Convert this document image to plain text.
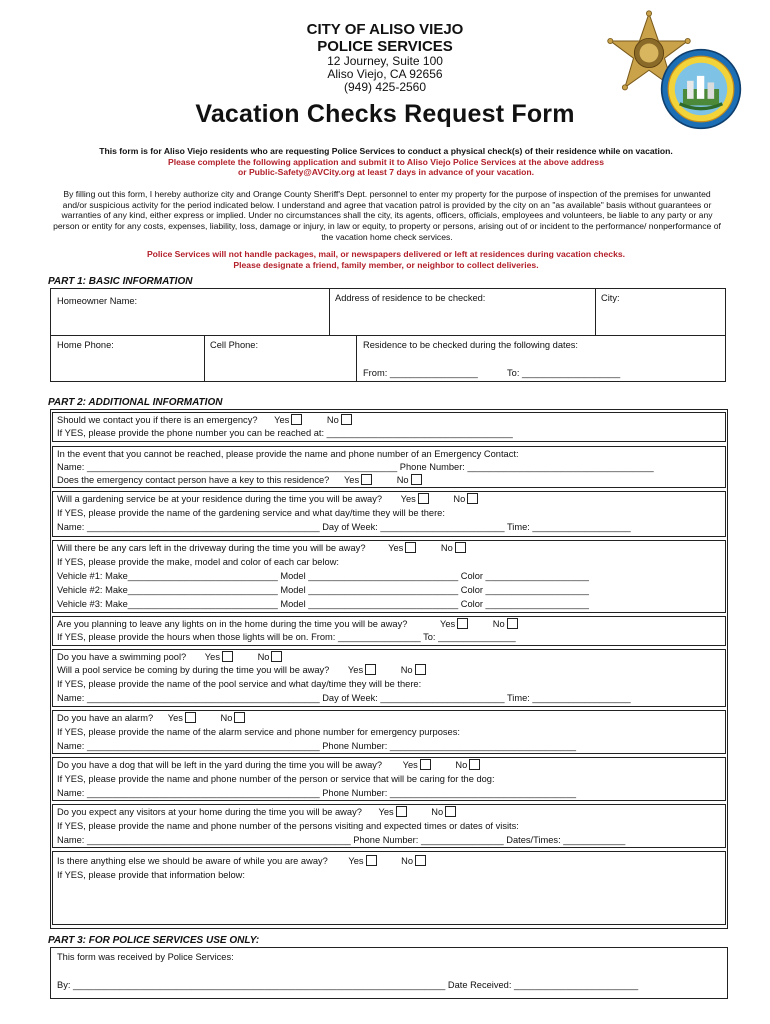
CITY OF ALISO VIEJO
POLICE SERVICES
12 Journey, Suite 100
Aliso Viejo, CA 92656
(949) 425-2560
Vacation Checks Request Form
This form is for Aliso Viejo residents who are requesting Police Services to conduct a physical check(s) of their residence while on vacation.
Please complete the following application and submit it to Aliso Viejo Police Services at the above address
or Public-Safety@AVCity.org at least 7 days in advance of your vacation.
By filling out this form, I hereby authorize city and Orange County Sheriff's Dept. personnel to enter my property for the purpose of inspection of the premises for unwanted and/or suspicious activity for the period indicated below. I understand and agree that vacation patrol is provided by the city on an "as available" basis without guarantees or warranties of any kind, either express or implied. Under no circumstances shall the city, its agents, officers, officials, employees and volunteers, be liable to any party or any person or entity for any costs, expenses, liability, loss, damage or injury, in law or equity, to property or persons, arising out of or incident to the performance/ nonperformance of the vacation home check services.
Police Services will not handle packages, mail, or newspapers delivered or left at residences during vacation checks.
Please designate a friend, family member, or neighbor to collect deliveries.
PART 1: BASIC INFORMATION
Homeowner Name:	Address of residence to be checked:	City:
Home Phone:	Cell Phone:	Residence to be checked during the following dates:
From: _________________	To: ___________________
PART 2: ADDITIONAL INFORMATION
Should we contact you if there is an emergency? Yes	No
If YES, please provide the phone number you can be reached at: ____________________________________
In the event that you cannot be reached, please provide the name and phone number of an Emergency Contact:
Name: ____________________________________________________________ Phone Number: ____________________________________
Does the emergency contact person have a key to this residence? Yes	No
Will a gardening service be at your residence during the time you will be away? Yes	No
If YES, please provide the name of the gardening service and what day/time they will be there:
Name: _____________________________________________ Day of Week: ________________________ Time: ___________________
Will there be any cars left in the driveway during the time you will be away? Yes	No
If YES, please provide the make, model and color of each car below:
Vehicle #1: Make_____________________________ Model _____________________________ Color ____________________
Vehicle #2: Make_____________________________ Model _____________________________ Color ____________________
Vehicle #3: Make_____________________________ Model _____________________________ Color ____________________
Are you planning to leave any lights on in the home during the time you will be away?	Yes	No
If YES, please provide the hours when those lights will be on. From: ________________ To: _______________
Do you have a swimming pool? Yes	No
Will a pool service be coming by during the time you will be away? Yes	No
If YES, please provide the name of the pool service and what day/time they will be there:
Name: _____________________________________________ Day of Week: ________________________ Time: ___________________
Do you have an alarm? Yes	No
If YES, please provide the name of the alarm service and phone number for emergency purposes:
Name: _____________________________________________ Phone Number: ____________________________________
Do you have a dog that will be left in the yard during the time you will be away? Yes	No
If YES, please provide the name and phone number of the person or service that will be caring for the dog:
Name: _____________________________________________ Phone Number: ____________________________________
Do you expect any visitors at your home during the time you will be away? Yes	No
If YES, please provide the name and phone number of the persons visiting and expected times or dates of visits:
Name: ___________________________________________________ Phone Number: ________________ Dates/Times: ____________
Is there anything else we should be aware of while you are away? Yes	No
If YES, please provide that information below:
PART 3: FOR POLICE SERVICES USE ONLY:
This form was received by Police Services:
By: ________________________________________________________________________ Date Received: ________________________
